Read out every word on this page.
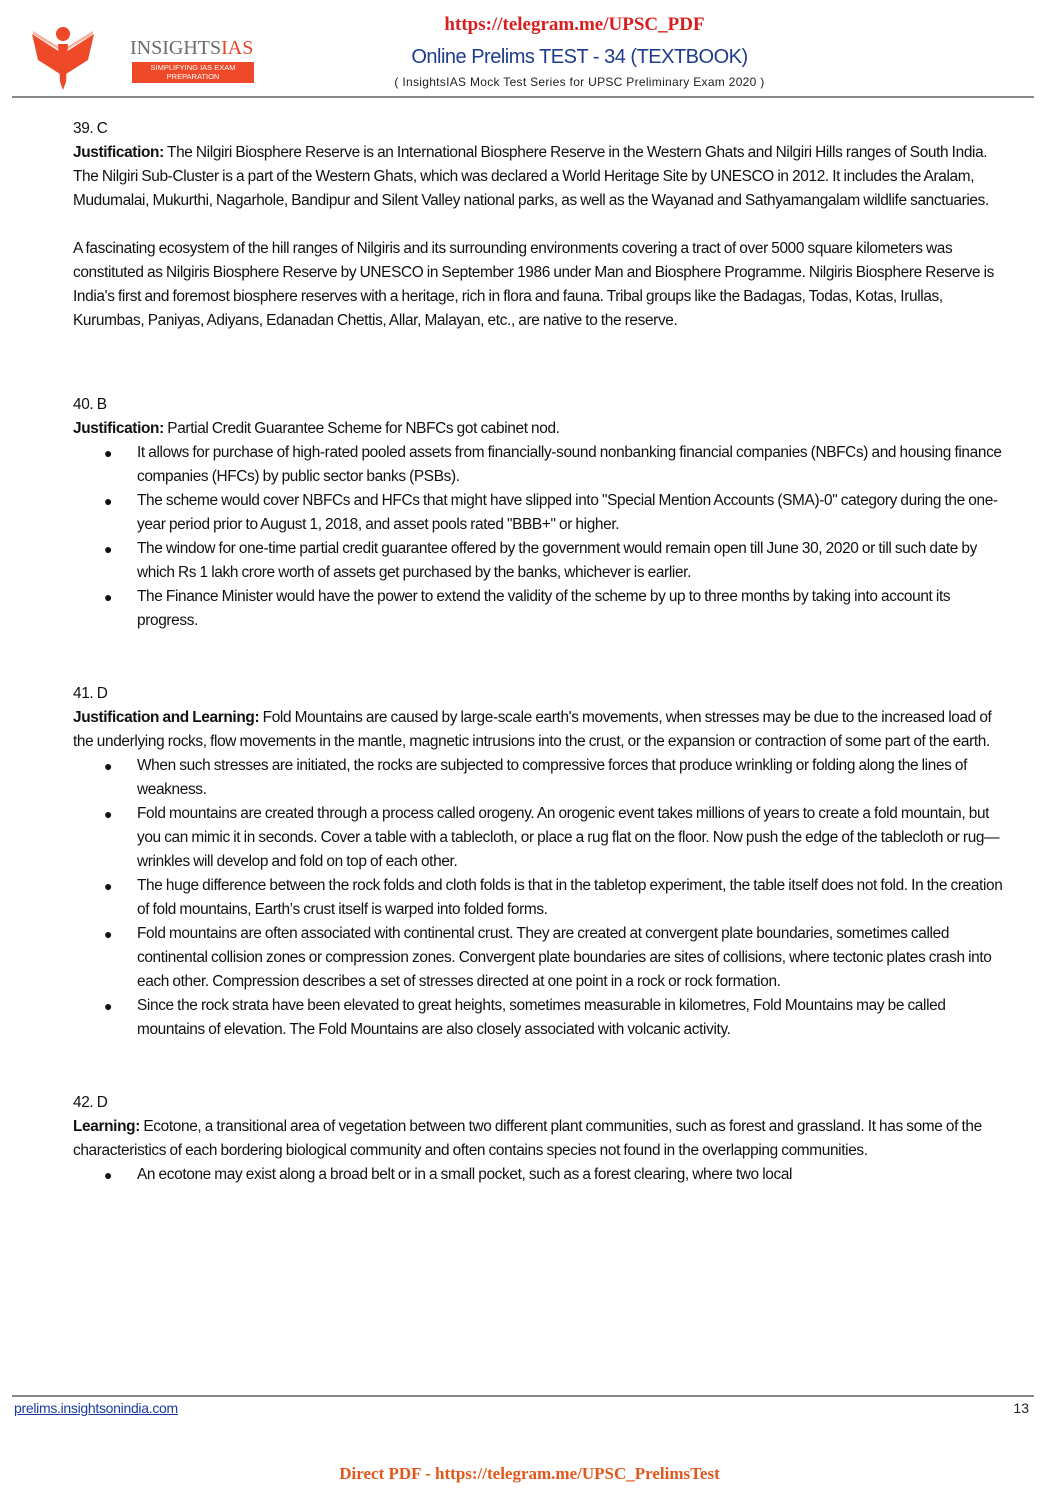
https://telegram.me/UPSC_PDF
INSIGHTSIAS
SIMPLIFYING IAS EXAM
PREPARATION
Online Prelims TEST - 34 (TEXTBOOK)
( InsightsIAS Mock Test Series for UPSC Preliminary Exam 2020 )

39. C

Justification: The Nilgiri Biosphere Reserve is an International Biosphere Reserve in the Western Ghats and Nilgiri Hills ranges of South India. The Nilgiri Sub-Cluster is a part of the Western Ghats, which was declared a World Heritage Site by UNESCO in 2012. It includes the Aralam, Mudumalai, Mukurthi, Nagarhole, Bandipur and Silent Valley national parks, as well as the Wayanad and Sathyamangalam wildlife sanctuaries.

A fascinating ecosystem of the hill ranges of Nilgiris and its surrounding environments covering a tract of over 5000 square kilometers was constituted as Nilgiris Biosphere Reserve by UNESCO in September 1986 under Man and Biosphere Programme. Nilgiris Biosphere Reserve is India's first and foremost biosphere reserves with a heritage, rich in flora and fauna. Tribal groups like the Badagas, Todas, Kotas, Irullas, Kurumbas, Paniyas, Adiyans, Edanadan Chettis, Allar, Malayan, etc., are native to the reserve.

40. B

Justification: Partial Credit Guarantee Scheme for NBFCs got cabinet nod.

● It allows for purchase of high-rated pooled assets from financially-sound nonbanking financial companies (NBFCs) and housing finance companies (HFCs) by public sector banks (PSBs).
● The scheme would cover NBFCs and HFCs that might have slipped into "Special Mention Accounts (SMA)-0" category during the one-year period prior to August 1, 2018, and asset pools rated "BBB+" or higher.
● The window for one-time partial credit guarantee offered by the government would remain open till June 30, 2020 or till such date by which Rs 1 lakh crore worth of assets get purchased by the banks, whichever is earlier.
● The Finance Minister would have the power to extend the validity of the scheme by up to three months by taking into account its progress.

41. D

Justification and Learning: Fold Mountains are caused by large-scale earth's movements, when stresses may be due to the increased load of the underlying rocks, flow movements in the mantle, magnetic intrusions into the crust, or the expansion or contraction of some part of the earth.

● When such stresses are initiated, the rocks are subjected to compressive forces that produce wrinkling or folding along the lines of weakness.
● Fold mountains are created through a process called orogeny. An orogenic event takes millions of years to create a fold mountain, but you can mimic it in seconds. Cover a table with a tablecloth, or place a rug flat on the floor. Now push the edge of the tablecloth or rug—wrinkles will develop and fold on top of each other.
● The huge difference between the rock folds and cloth folds is that in the tabletop experiment, the table itself does not fold. In the creation of fold mountains, Earth’s crust itself is warped into folded forms.
● Fold mountains are often associated with continental crust. They are created at convergent plate boundaries, sometimes called continental collision zones or compression zones. Convergent plate boundaries are sites of collisions, where tectonic plates crash into each other. Compression describes a set of stresses directed at one point in a rock or rock formation.
● Since the rock strata have been elevated to great heights, sometimes measurable in kilometres, Fold Mountains may be called mountains of elevation. The Fold Mountains are also closely associated with volcanic activity.

42. D

Learning: Ecotone, a transitional area of vegetation between two different plant communities, such as forest and grassland. It has some of the characteristics of each bordering biological community and often contains species not found in the overlapping communities.

● An ecotone may exist along a broad belt or in a small pocket, such as a forest clearing, where two local
prelims.insightsonindia.com	13
Direct PDF - https://telegram.me/UPSC_PrelimsTest
